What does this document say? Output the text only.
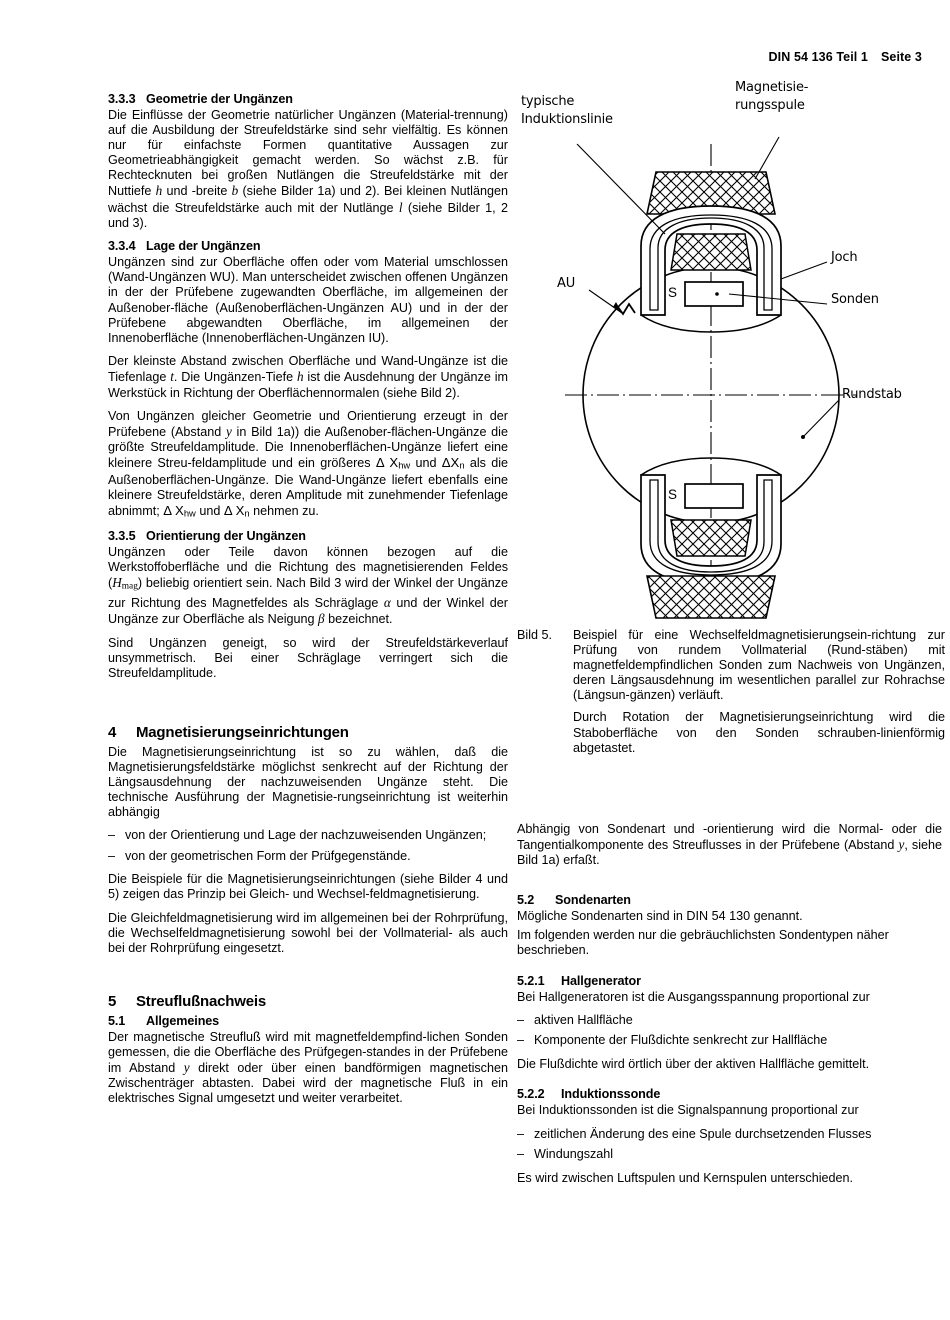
DIN 54 136 Teil 1 Seite 3
3.3.3 Geometrie der Ungänzen

Die Einflüsse der Geometrie natürlicher Ungänzen (Material-trennung) auf die Ausbildung der Streufeldstärke sind sehr vielfältig. Es können nur für einfachste Formen quantitative Aussagen zur Geometrieabhängigkeit gemacht werden. So wächst z.B. für Rechtecknuten bei großen Nutlängen die Streufeldstärke mit der Nuttiefe h und -breite b (siehe Bilder 1a) und 2). Bei kleinen Nutlängen wächst die Streufeldstärke auch mit der Nutlänge l (siehe Bilder 1, 2 und 3).

3.3.4 Lage der Ungänzen

Ungänzen sind zur Oberfläche offen oder vom Material umschlossen (Wand-Ungänzen WU). Man unterscheidet zwischen offenen Ungänzen in der der Prüfebene zugewandten Oberfläche, im allgemeinen der Außenober-fläche (Außenoberflächen-Ungänzen AU) und in der der Prüfebene abgewandten Oberfläche, im allgemeinen der Innenoberfläche (Innenoberflächen-Ungänzen IU).

Der kleinste Abstand zwischen Oberfläche und Wand-Ungänze ist die Tiefenlage t. Die Ungänzen-Tiefe h ist die Ausdehnung der Ungänze im Werkstück in Richtung der Oberflächennormalen (siehe Bild 2).

Von Ungänzen gleicher Geometrie und Orientierung erzeugt in der Prüfebene (Abstand y in Bild 1a)) die Außenober-flächen-Ungänze die größte Streufeldamplitude. Die Innenoberflächen-Ungänze liefert eine kleinere Streu-feldamplitude und ein größeres Δ Xhw und ΔXn als die Außenoberflächen-Ungänze. Die Wand-Ungänze liefert ebenfalls eine kleinere Streufeldstärke, deren Amplitude mit zunehmender Tiefenlage abnimmt; Δ Xhw und Δ Xn nehmen zu.

3.3.5 Orientierung der Ungänzen

Ungänzen oder Teile davon können bezogen auf die Werkstoffoberfläche und die Richtung des magnetisierenden Feldes (Hmag) beliebig orientiert sein. Nach Bild 3 wird der Winkel der Ungänze zur Richtung des Magnetfeldes als Schräglage α und der Winkel der Ungänze zur Oberfläche als Neigung β bezeichnet.

Sind Ungänzen geneigt, so wird der Streufeldstärkeverlauf unsymmetrisch. Bei einer Schräglage verringert sich die Streufeldamplitude.

4 Magnetisierungseinrichtungen

Die Magnetisierungseinrichtung ist so zu wählen, daß die Magnetisierungsfeldstärke möglichst senkrecht auf der Richtung der Längsausdehnung der nachzuweisenden Ungänze steht. Die technische Ausführung der Magnetisie-rungseinrichtung ist weiterhin abhängig

– von der Orientierung und Lage der nachzuweisenden Ungänzen;
– von der geometrischen Form der Prüfgegenstände.

Die Beispiele für die Magnetisierungseinrichtungen (siehe Bilder 4 und 5) zeigen das Prinzip bei Gleich- und Wechsel-feldmagnetisierung.

Die Gleichfeldmagnetisierung wird im allgemeinen bei der Rohrprüfung, die Wechselfeldmagnetisierung sowohl bei der Vollmaterial- als auch bei der Rohrprüfung eingesetzt.

5 Streuflußnachweis
5.1 Allgemeines

Der magnetische Streufluß wird mit magnetfeldempfind-lichen Sonden gemessen, die die Oberfläche des Prüfgegen-standes in der Prüfebene im Abstand y direkt oder über einen bandförmigen magnetischen Zwischenträger abtasten. Dabei wird der magnetische Fluß in ein elektrisches Signal umgesetzt und weiter verarbeitet.

typische
Induktionslinie
Magnetisie-
rungsspule
Joch
Sonden
AU
Rundstab
S
S
Bild 5.	Beispiel für eine Wechselfeldmagnetisierungsein-richtung zur Prüfung von rundem Vollmaterial (Rund-stäben) mit magnetfeldempfindlichen Sonden zum Nachweis von Ungänzen, deren Längsausdehnung im wesentlichen parallel zur Rohrachse (Längsun-gänzen) verläuft.

Durch Rotation der Magnetisierungseinrichtung wird die Staboberfläche von den Sonden schrauben-linienförmig abgetastet.

Abhängig von Sondenart und -orientierung wird die Normal- oder die Tangentialkomponente des Streuflusses in der Prüfebene (Abstand y, siehe Bild 1a) erfaßt.

5.2 Sondenarten

Mögliche Sondenarten sind in DIN 54 130 genannt.

Im folgenden werden nur die gebräuchlichsten Sondentypen näher beschrieben.

5.2.1 Hallgenerator

Bei Hallgeneratoren ist die Ausgangsspannung proportional zur

– aktiven Hallfläche
– Komponente der Flußdichte senkrecht zur Hallfläche

Die Flußdichte wird örtlich über der aktiven Hallfläche gemittelt.

5.2.2 Induktionssonde

Bei Induktionssonden ist die Signalspannung proportional zur

– zeitlichen Änderung des eine Spule durchsetzenden Flusses
– Windungszahl

Es wird zwischen Luftspulen und Kernspulen unterschieden.
